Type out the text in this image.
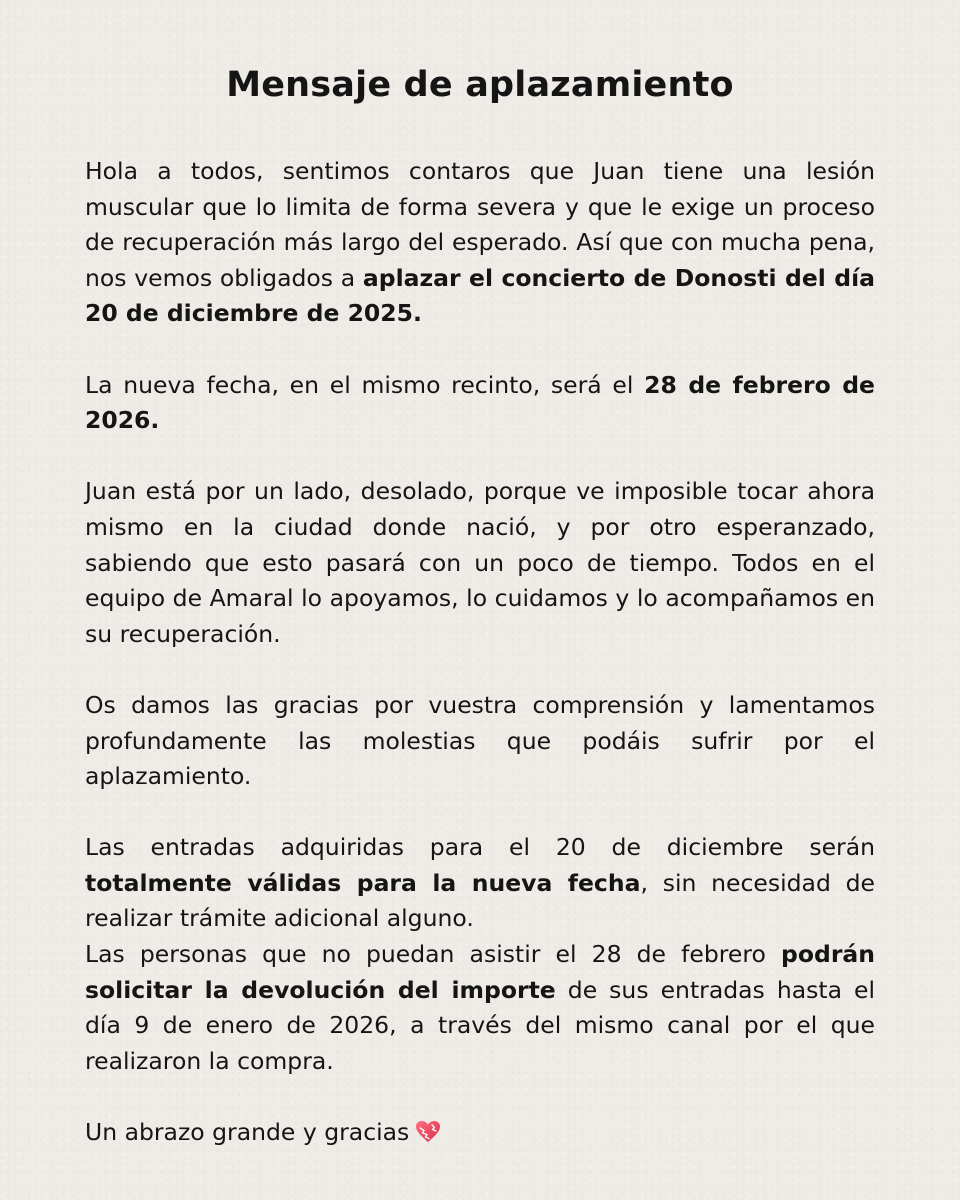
Mensaje de aplazamiento

Hola a todos, sentimos contaros que Juan tiene una lesión muscular que lo limita de forma severa y que le exige un proceso de recuperación más largo del esperado. Así que con mucha pena, nos vemos obligados a aplazar el concierto de Donosti del día 20 de diciembre de 2025.

La nueva fecha, en el mismo recinto, será el 28 de febrero de 2026.

Juan está por un lado, desolado, porque ve imposible tocar ahora mismo en la ciudad donde nació, y por otro esperanzado, sabiendo que esto pasará con un poco de tiempo. Todos en el equipo de Amaral lo apoyamos, lo cuidamos y lo acompañamos en su recuperación.

Os damos las gracias por vuestra comprensión y lamentamos profundamente las molestias que podáis sufrir por el aplazamiento.

Las entradas adquiridas para el 20 de diciembre serán totalmente válidas para la nueva fecha, sin necesidad de realizar trámite adicional alguno.

Las personas que no puedan asistir el 28 de febrero podrán solicitar la devolución del importe de sus entradas hasta el día 9 de enero de 2026, a través del mismo canal por el que realizaron la compra.

Un abrazo grande y gracias
